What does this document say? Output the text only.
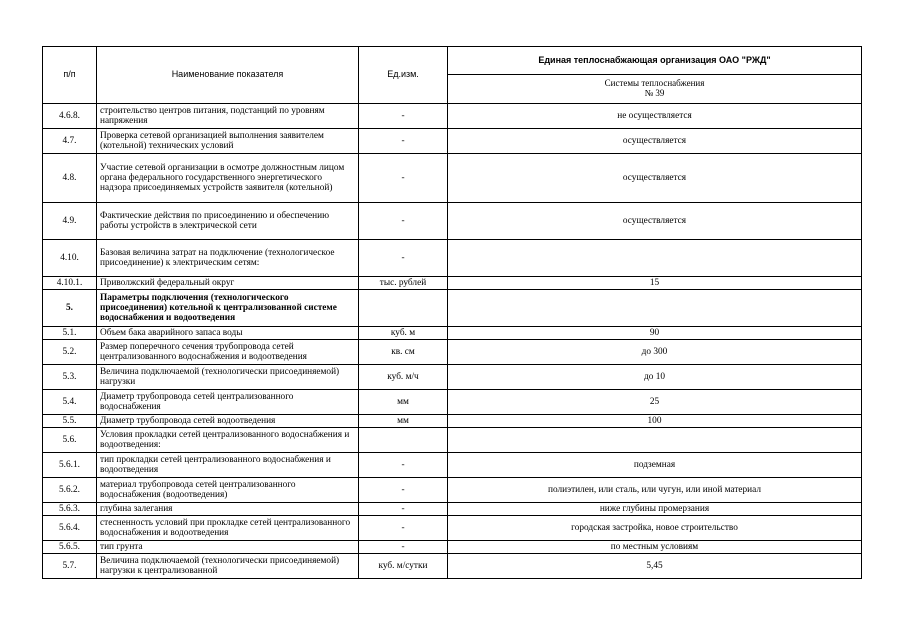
п/п	Наименование показателя	Ед.изм.	Единая теплоснабжающая организация ОАО "РЖД"
			Системы теплоснабжения
№ 39
4.6.8.	строительство центров питания, подстанций по уровням напряжения	-	не осуществляется
4.7.	Проверка сетевой организацией выполнения заявителем (котельной) технических условий	-	осуществляется
4.8.	Участие сетевой организации в осмотре должностным лицом органа федерального государственного энергетического надзора присоединяемых устройств заявителя (котельной)	-	осуществляется
4.9.	Фактические действия по присоединению и обеспечению работы устройств в электрической сети	-	осуществляется
4.10.	Базовая величина затрат на подключение (технологическое присоединение) к электрическим сетям:	-	
4.10.1.	Приволжский федеральный округ	тыс. рублей	15
5.	Параметры подключения (технологического присоединения) котельной к централизованной системе водоснабжения и водоотведения		
5.1.	Объем бака аварийного запаса воды	куб. м	90
5.2.	Размер поперечного сечения трубопровода сетей централизованного водоснабжения и водоотведения	кв. см	до 300
5.3.	Величина подключаемой (технологически присоединяемой) нагрузки	куб. м/ч	до 10
5.4.	Диаметр трубопровода сетей централизованного водоснабжения	мм	25
5.5.	Диаметр трубопровода сетей водоотведения	мм	100
5.6.	Условия прокладки сетей централизованного водоснабжения и водоотведения:		
5.6.1.	тип прокладки сетей централизованного водоснабжения и водоотведения	-	подземная
5.6.2.	материал трубопровода сетей централизованного водоснабжения (водоотведения)	-	полиэтилен, или сталь, или чугун, или иной материал
5.6.3.	глубина залегания	-	ниже глубины промерзания
5.6.4.	стесненность условий при прокладке сетей централизованного водоснабжения и водоотведения	-	городская застройка, новое строительство
5.6.5.	тип грунта	-	по местным условиям
5.7.	Величина подключаемой (технологически присоединяемой) нагрузки к централизованной	куб. м/сутки	5,45
